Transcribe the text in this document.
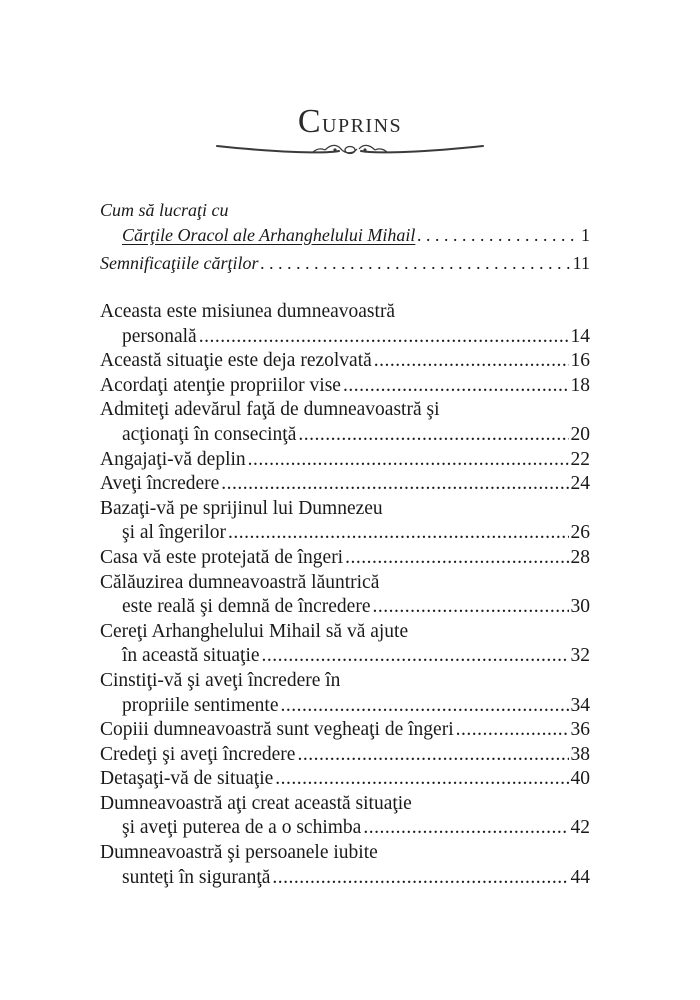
Cuprins
Cum să lucraţi cu
Cărţile Oracol ale Arhanghelului Mihail . . .	1
Semnificaţiile cărţilor . . .	11
Aceasta este misiunea dumneavoastră
personală .....	14
Această situaţie este deja rezolvată .....	16
Acordaţi atenţie propriilor vise .....	18
Admiteţi adevărul faţă de dumneavoastră şi
acţionaţi în consecinţă .....	20
Angajaţi-vă deplin .....	22
Aveţi încredere .....	24
Bazaţi-vă pe sprijinul lui Dumnezeu
şi al îngerilor .....	26
Casa vă este protejată de îngeri .....	28
Călăuzirea dumneavoastră lăuntrică
este reală şi demnă de încredere .....	30
Cereţi Arhanghelului Mihail să vă ajute
în această situaţie .....	32
Cinstiţi-vă şi aveţi încredere în
propriile sentimente .....	34
Copiii dumneavoastră sunt vegheaţi de îngeri .....	36
Credeţi şi aveţi încredere .....	38
Detaşaţi-vă de situaţie .....	40
Dumneavoastră aţi creat această situaţie
şi aveţi puterea de a o schimba .....	42
Dumneavoastră şi persoanele iubite
sunteţi în siguranţă .....	44
